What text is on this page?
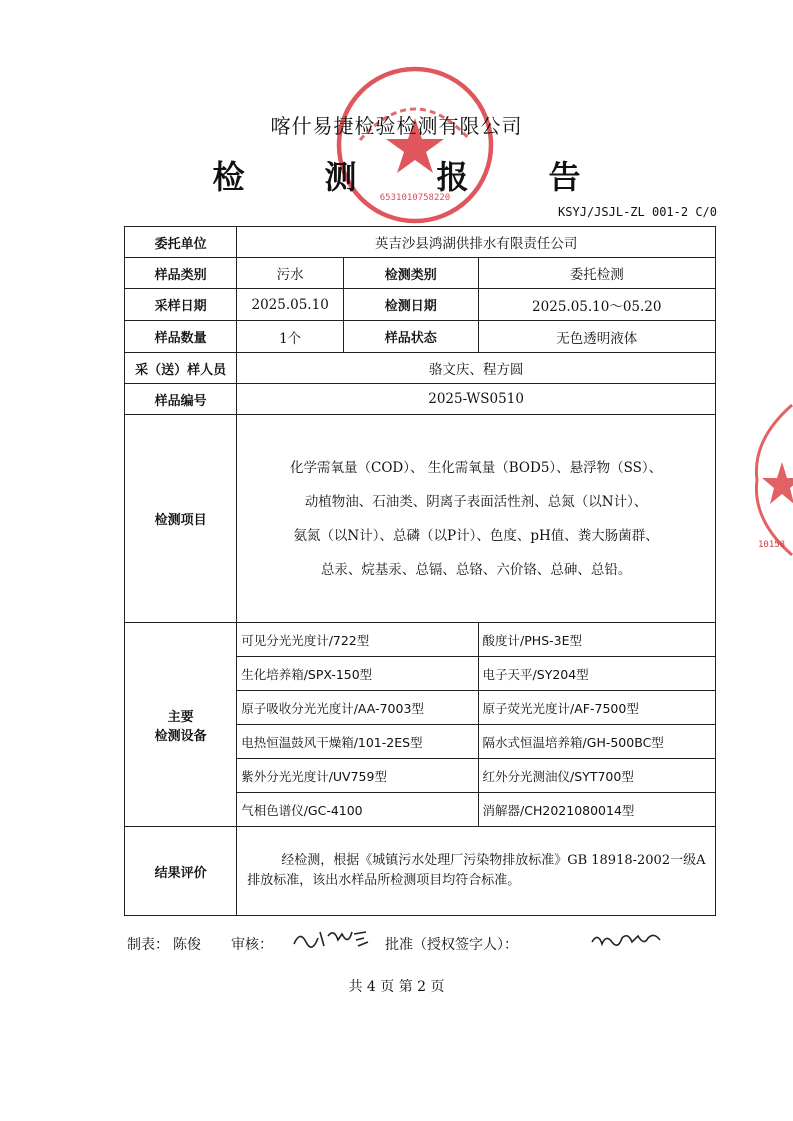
6531010758220
10158
喀什易捷检验检测有限公司
检 测 报 告
KSYJ/JSJL-ZL 001-2 C/0
委托单位	英吉沙县鸿湖供排水有限责任公司		
样品类别	污水	检测类别	委托检测
采样日期	2025.05.10	检测日期	2025.05.10～05.20
样品数量	1个	样品状态	无色透明液体
采（送）样人员	骆文庆、程方圆		
样品编号	2025-WS0510		
检测项目	化学需氧量（COD）、 生化需氧量（BOD5）、悬浮物（SS）、
动植物油、石油类、阴离子表面活性剂、总氮（以N计）、
氨氮（以N计）、总磷（以P计）、色度、pH值、粪大肠菌群、
总汞、烷基汞、总镉、总铬、六价铬、总砷、总铅。		

主要
检测设备	可见分光光度计/722型		酸度计/PHS-3E型
	生化培养箱/SPX-150型		电子天平/SY204型
	原子吸收分光光度计/AA-7003型		原子荧光光度计/AF-7500型
	电热恒温鼓风干燥箱/101-2ES型		隔水式恒温培养箱/GH-500BC型
	紫外分光光度计/UV759型		红外分光测油仪/SYT700型
	气相色谱仪/GC-4100		消解器/CH2021080014型
结果评价	经检测，根据《城镇污水处理厂污染物排放标准》GB 18918-2002一级A排放标准，该出水样品所检测项目均符合标准。		
制表： 陈俊 审核：	批准（授权签字人）：
共 4 页 第 2 页
